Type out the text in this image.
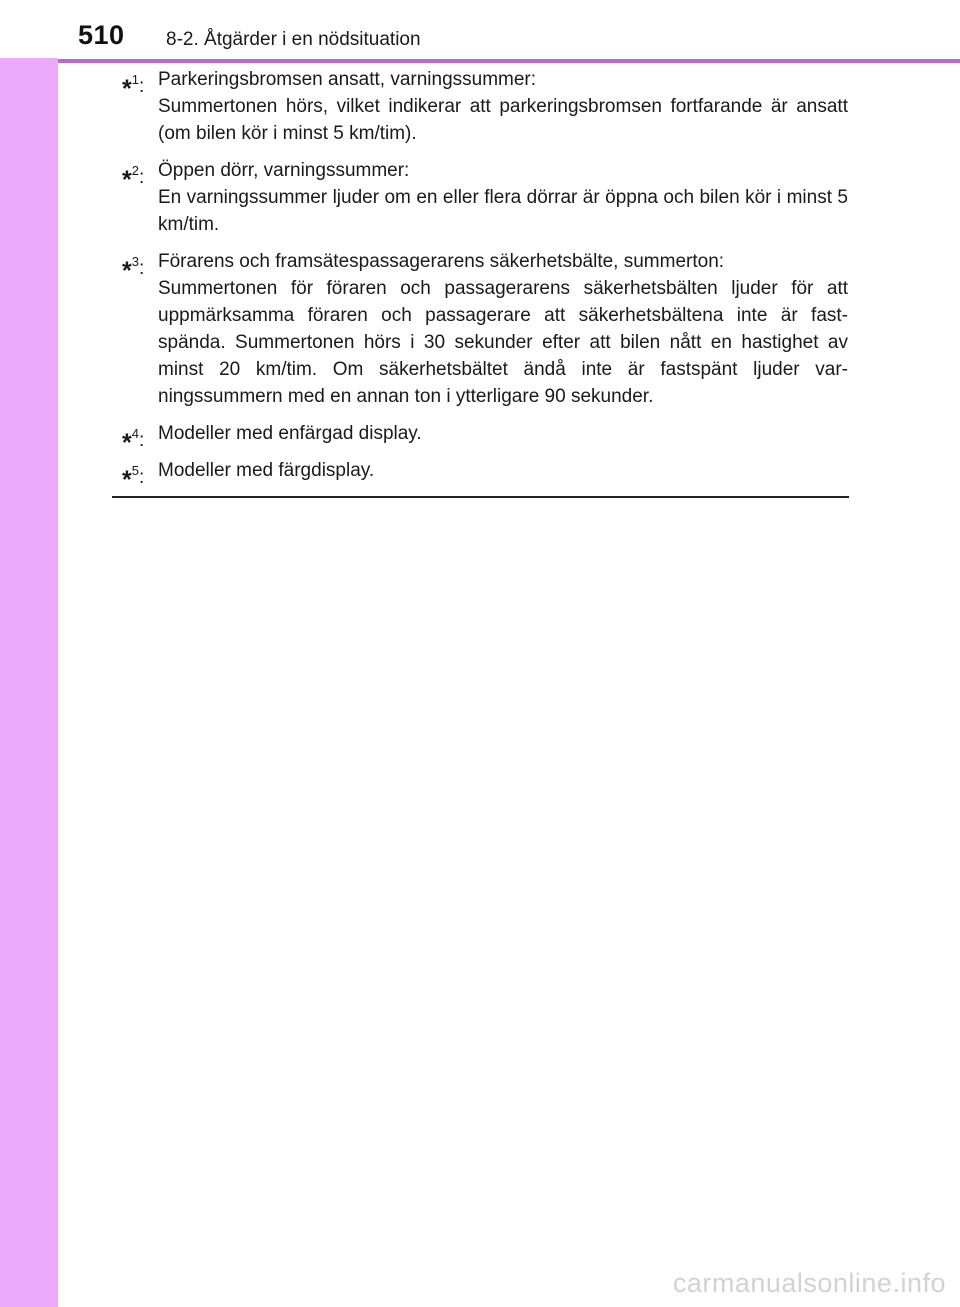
510 8-2. Åtgärder i en nödsituation
*$^1$: Parkeringsbromsen ansatt, varningssummer:
Summertonen hörs, vilket indikerar att parkeringsbromsen fortfarande är ansatt (om bilen kör i minst 5 km/tim).
*$^2$: Öppen dörr, varningssummer:
En varningssummer ljuder om en eller flera dörrar är öppna och bilen kör i minst 5 km/tim.
*$^3$: Förarens och framsätespassagerarens säkerhetsbälte, summerton:
Summertonen för föraren och passagerarens säkerhetsbälten ljuder för att uppmärksamma föraren och passagerare att säkerhetsbältena inte är fast-spända. Summertonen hörs i 30 sekunder efter att bilen nått en hastighet av minst 20 km/tim. Om säkerhetsbältet ändå inte är fastspänt ljuder var-ningssummern med en annan ton i ytterligare 90 sekunder.
*$^4$: Modeller med enfärgad display.
*$^5$: Modeller med färgdisplay.
carmanualsonline.info
